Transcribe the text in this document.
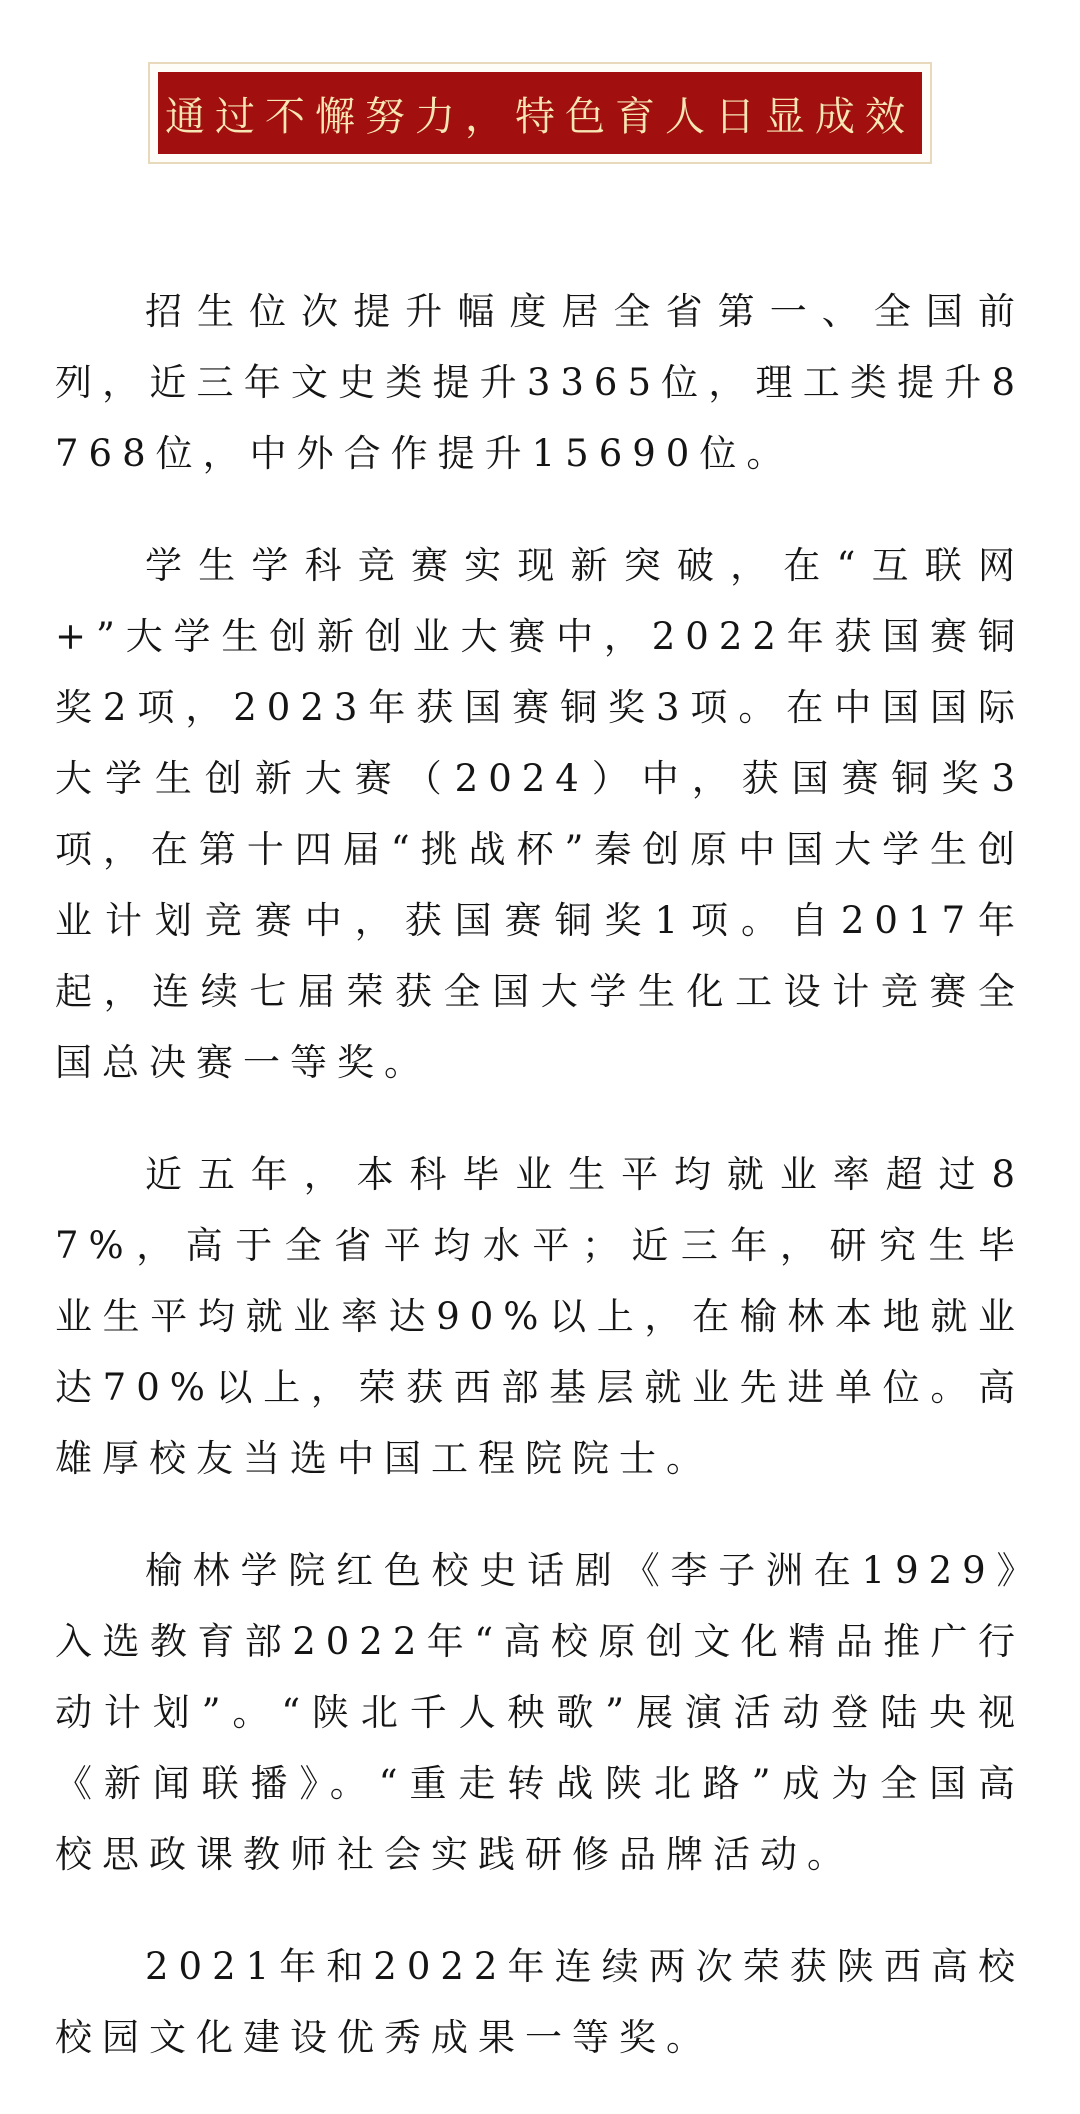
通过不懈努力，特色育人日显成效

招生位次提升幅度居全省第一、全国前列，近三年文史类提升3365位，理工类提升8768位，中外合作提升15690位。

学生学科竞赛实现新突破，在“互联网+”大学生创新创业大赛中，2022年获国赛铜奖2项，2023年获国赛铜奖3项。在中国国际大学生创新大赛（2024）中，获国赛铜奖3项，在第十四届“挑战杯”秦创原中国大学生创业计划竞赛中，获国赛铜奖1项。自2017年起，连续七届荣获全国大学生化工设计竞赛全国总决赛一等奖。

近五年，本科毕业生平均就业率超过87%，高于全省平均水平；近三年，研究生毕业生平均就业率达90%以上，在榆林本地就业达70%以上，荣获西部基层就业先进单位。高雄厚校友当选中国工程院院士。

榆林学院红色校史话剧《李子洲在1929》入选教育部2022年“高校原创文化精品推广行动计划”。“陕北千人秧歌”展演活动登陆央视《新闻联播》。“重走转战陕北路”成为全国高校思政课教师社会实践研修品牌活动。

2021年和2022年连续两次荣获陕西高校校园文化建设优秀成果一等奖。
